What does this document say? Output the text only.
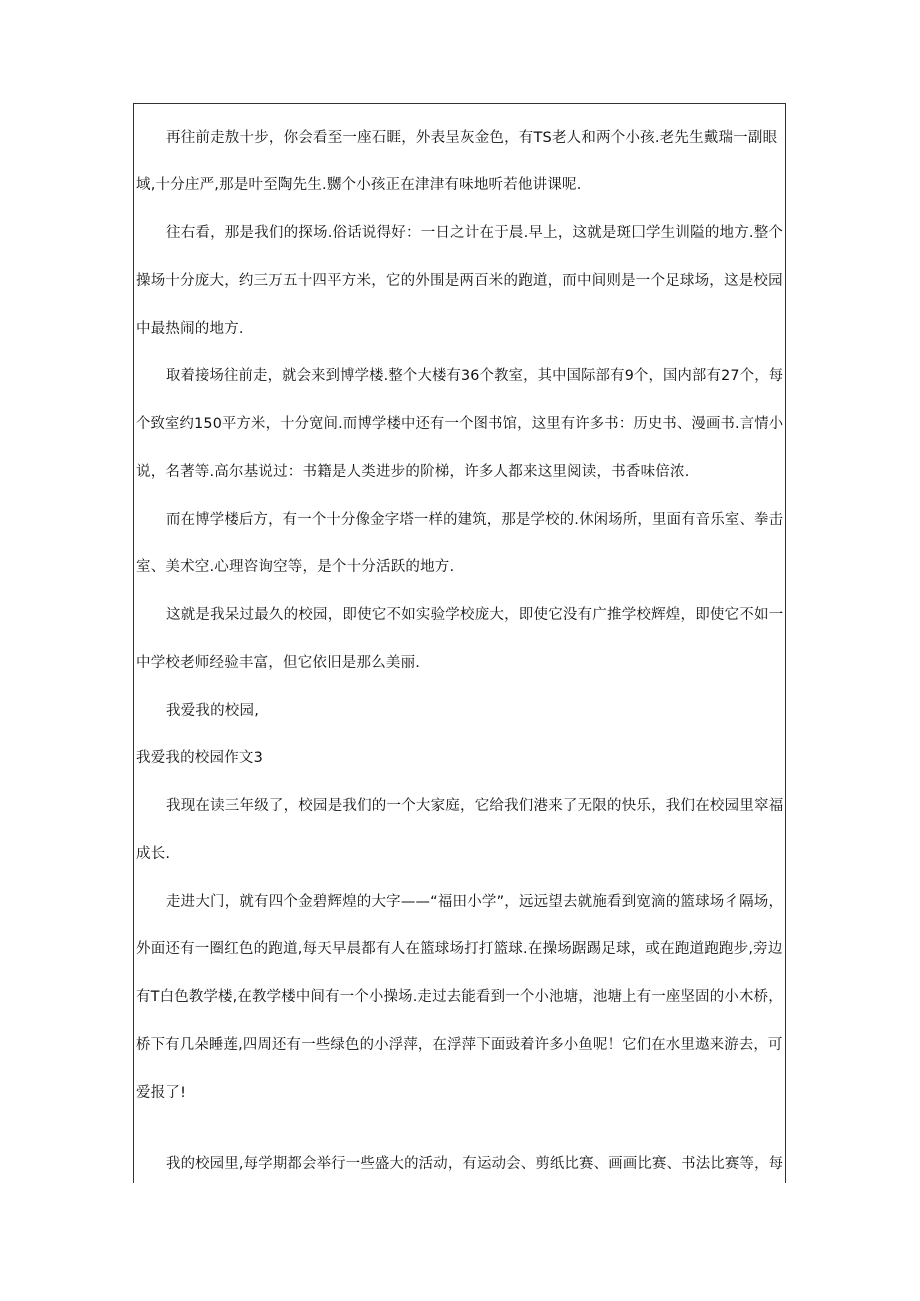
再往前走敖十步，你会看至一座石睚，外表呈灰金色，有TS老人和两个小孩.老先生戴瑞一副眼
域,十分庄严,那是叶至陶先生.嬲个小孩正在津津有味地听若他讲课呢.
往右看，那是我们的探场.俗话说得好：一日之计在于晨.早上，这就是斑囗学生训隘的地方.整个
操场十分庞大，约三万五十四平方米，它的外围是两百米的跑道，而中间则是一个足球场，这是校园
中最热闹的地方.
取着接场往前走，就会来到博学楼.整个大楼有36个教室，其中国际部有9个，国内部有27个，每
个致室约150平方米，十分宽间.而博学楼中还有一个图书馆，这里有许多书：历史书、漫画书.言情小
说，名著等.高尔基说过：书籍是人类进步的阶梯，许多人都来这里阅读，书香味倍浓.
而在博学楼后方，有一个十分像金字塔一样的建筑，那是学校的.休闲场所，里面有音乐室、拳击
室、美术空.心理咨询空等，是个十分活跃的地方.
这就是我呆过最久的校园，即使它不如实验学校庞大，即使它没有广推学校辉煌，即使它不如一
中学校老师经验丰富，但它依旧是那么美丽.
我爱我的校园,
我爱我的校园作文3
我现在读三年级了，校园是我们的一个大家庭，它给我们港来了无限的快乐，我们在校园里窣福
成长.
走进大门，就有四个金碧辉煌的大字——“福田小学”，远远望去就施看到宽滴的篮球场彳隔场，
外面还有一圈红色的跑道,每天早晨都有人在篮球场打打篮球.在操场踞踢足球，或在跑道跑跑步,旁边
有T白色教学楼,在教学楼中间有一个小操场.走过去能看到一个小池塘，池塘上有一座坚固的小木桥，
桥下有几朵睡莲,四周还有一些绿色的小浮萍，在浮萍下面豉着许多小鱼呢！它们在水里遨来游去，可
爱报了!
我的校园里,每学期都会举行一些盛大的活动，有运动会、剪纸比赛、画画比赛、书法比赛等，每
